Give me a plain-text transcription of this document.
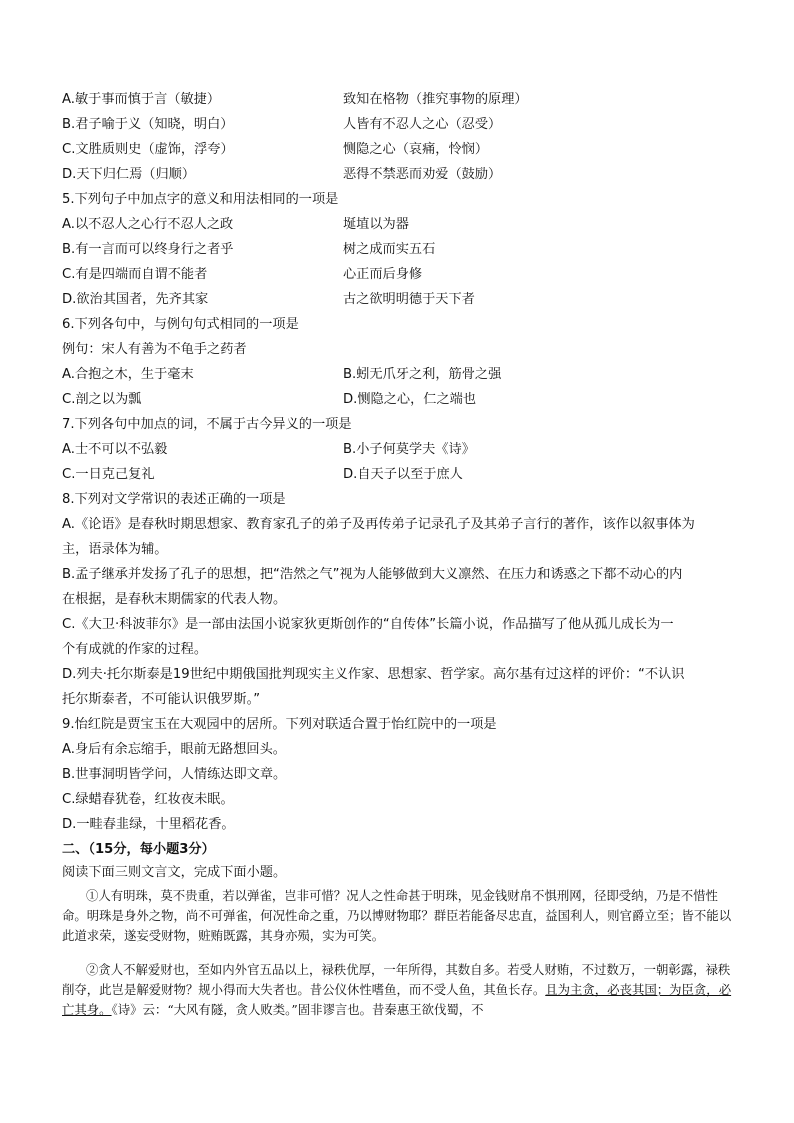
A.敏于事而慎于言（敏捷）	致知在格物（推究事物的原理）
B.君子喻于义（知晓，明白）	人皆有不忍人之心（忍受）
C.文胜质则史（虚饰，浮夸）	恻隐之心（哀痛，怜悯）
D.天下归仁焉（归顺）	恶得不禁恶而劝爱（鼓励）
5.下列句子中加点字的意义和用法相同的一项是
A.以不忍人之心行不忍人之政	埏埴以为器
B.有一言而可以终身行之者乎	树之成而实五石
C.有是四端而自谓不能者	心正而后身修
D.欲治其国者，先齐其家	古之欲明明德于天下者
6.下列各句中，与例句句式相同的一项是
例句：宋人有善为不龟手之药者
A.合抱之木，生于毫末	B.蚓无爪牙之利，筋骨之强
C.剖之以为瓢	D.恻隐之心，仁之端也
7.下列各句中加点的词，不属于古今异义的一项是
A.士不可以不弘毅	B.小子何莫学夫《诗》
C.一日克己复礼	D.自天子以至于庶人
8.下列对文学常识的表述正确的一项是
A.《论语》是春秋时期思想家、教育家孔子的弟子及再传弟子记录孔子及其弟子言行的著作，该作以叙事体为
主，语录体为辅。
B.孟子继承并发扬了孔子的思想，把“浩然之气”视为人能够做到大义凛然、在压力和诱惑之下都不动心的内
在根据，是春秋末期儒家的代表人物。
C.《大卫·科波菲尔》是一部由法国小说家狄更斯创作的“自传体”长篇小说，作品描写了他从孤儿成长为一
个有成就的作家的过程。
D.列夫·托尔斯泰是19世纪中期俄国批判现实主义作家、思想家、哲学家。高尔基有过这样的评价：“不认识
托尔斯泰者，不可能认识俄罗斯。”
9.怡红院是贾宝玉在大观园中的居所。下列对联适合置于怡红院中的一项是
A.身后有余忘缩手，眼前无路想回头。
B.世事洞明皆学问，人情练达即文章。
C.绿蜡春犹卷，红妆夜未眠。
D.一畦春韭绿，十里稻花香。
二、（15分，每小题3分）
阅读下面三则文言文，完成下面小题。
①人有明珠，莫不贵重，若以弹雀，岂非可惜？况人之性命甚于明珠，见金钱财帛不惧刑网，径即受纳，乃是不惜性命。明珠是身外之物，尚不可弹雀，何况性命之重，乃以博财物耶？群臣若能备尽忠直，益国利人，则官爵立至；皆不能以此道求荣，遂妄受财物，赃贿既露，其身亦殒，实为可笑。
②贪人不解爱财也，至如内外官五品以上，禄秩优厚，一年所得，其数自多。若受人财贿，不过数万，一朝彰露，禄秩削夺，此岂是解爱财物？规小得而大失者也。昔公仪休性嗜鱼，而不受人鱼，其鱼长存。且为主贪，必丧其国；为臣贪，必亡其身。《诗》云：“大风有隧，贪人败类。”固非谬言也。昔秦惠王欲伐蜀，不
